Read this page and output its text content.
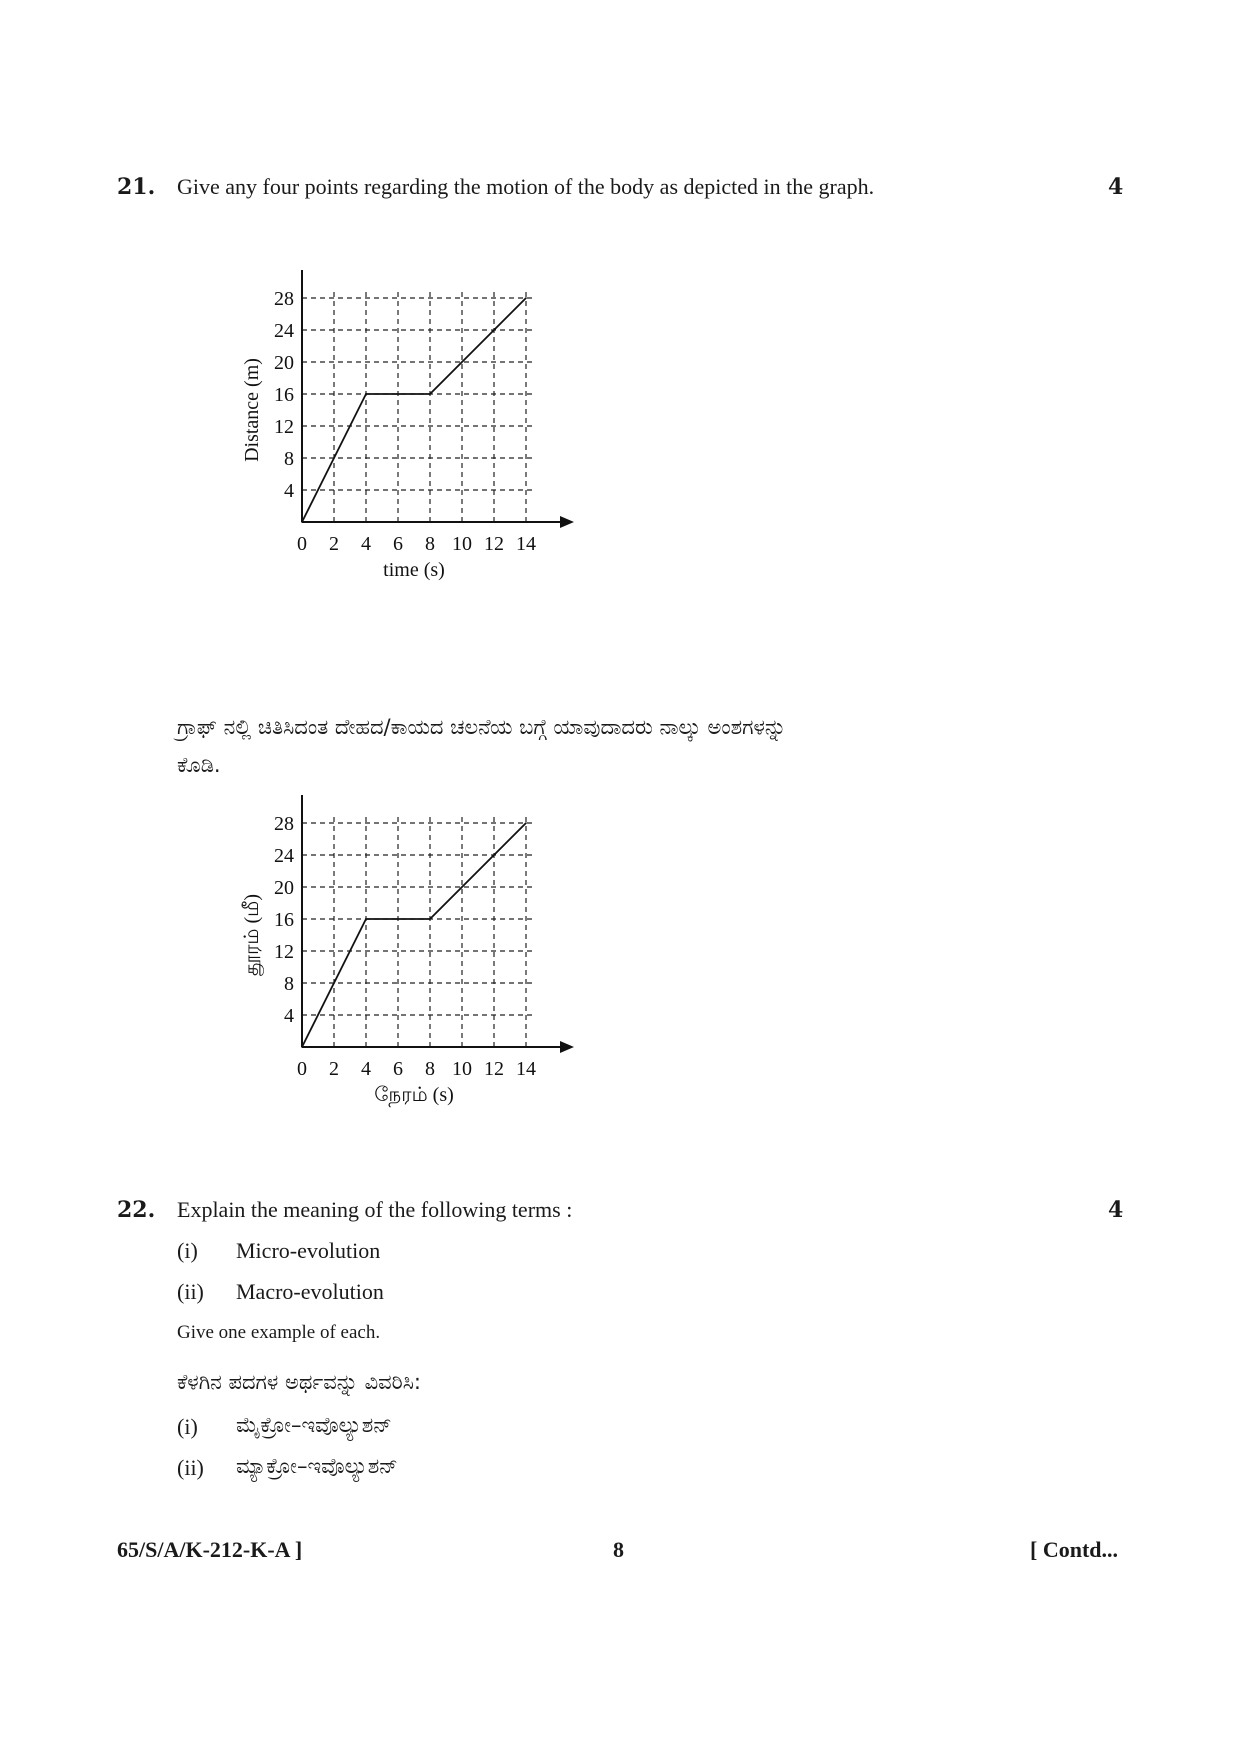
21. Give any four points regarding the motion of the body as depicted in the graph.	4
0 2 4 6 8 10 12 14
4
8
12
16
20
24
28
time (s)
Distance (m)
ಗ್ರಾಫ್ ನಲ್ಲಿ ಚಿತಿಸಿದಂತ ದೇಹದ/ಕಾಯದ ಚಲನೆಯ ಬಗ್ಗೆ ಯಾವುದಾದರು ನಾಲ್ಕು ಅಂಶಗಳನ್ನು
ಕೊಡಿ.
0 2 4 6 8 10 12 14
4
8
12
16
20
24
28
நேரம் (s)
தூரம் (மீ)
22. Explain the meaning of the following terms :	4
(i) Micro-evolution
(ii) Macro-evolution
Give one example of each.
ಕೆಳಗಿನ ಪದಗಳ ಅರ್ಥವನ್ನು ವಿವರಿಸಿ:
(i) ಮೈಕ್ರೋ–ಇವೊಲ್ಯುಶನ್
(ii) ಮ್ಯಾಕ್ರೋ–ಇವೊಲ್ಯುಶನ್
65/S/A/K-212-K-A ]	8	[ Contd...
